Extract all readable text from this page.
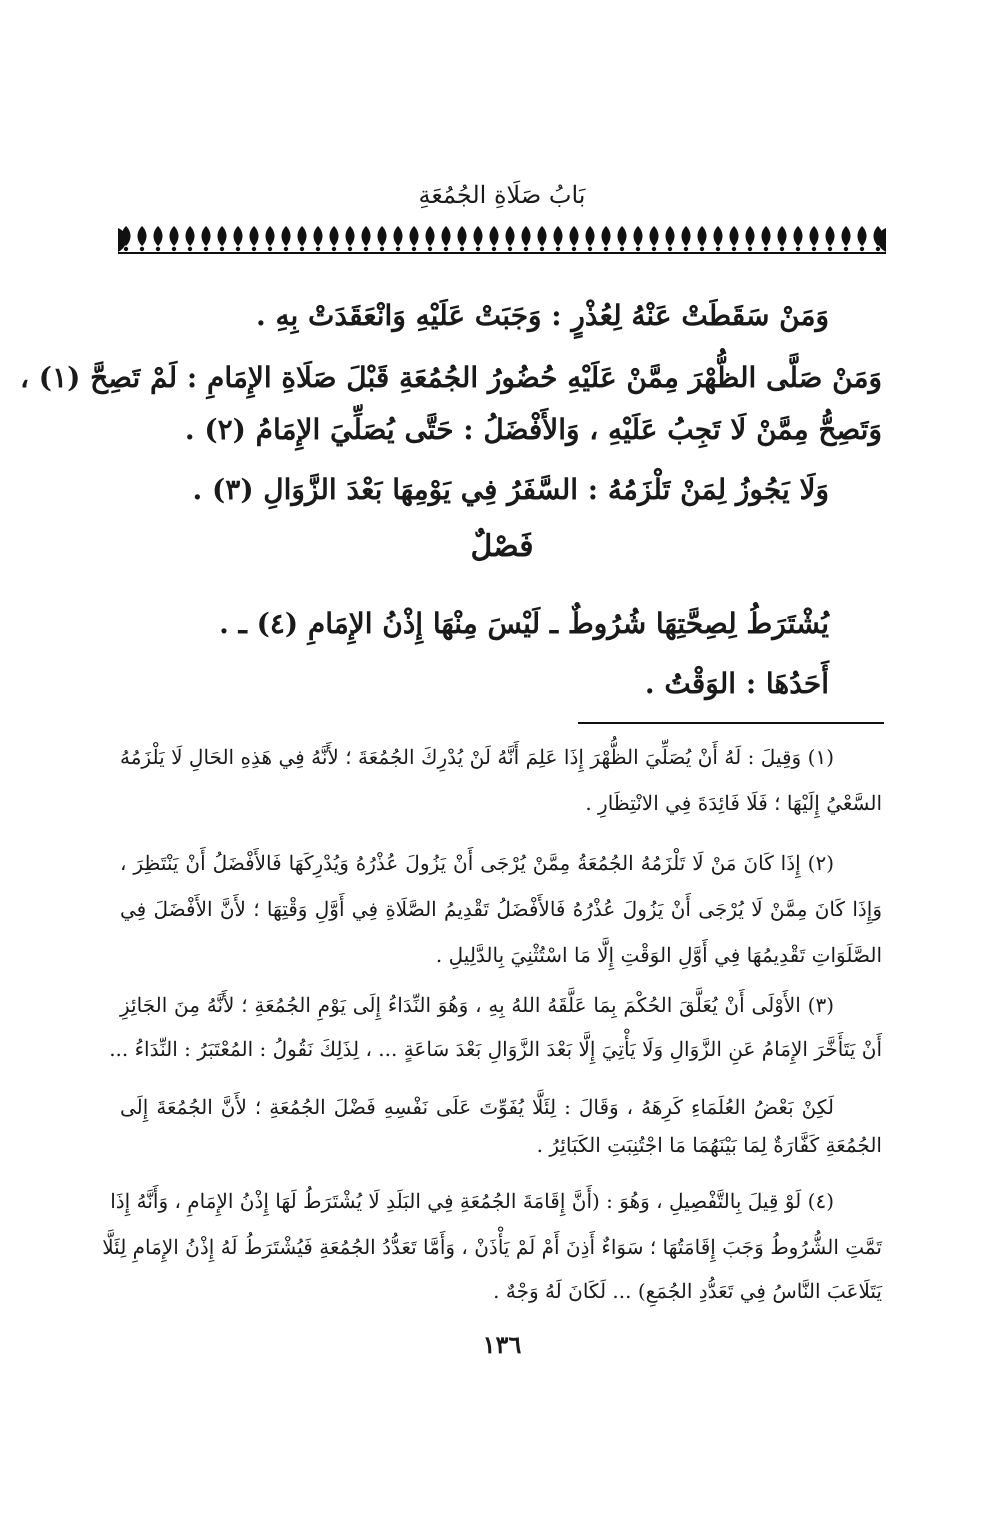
بَابُ صَلَاةِ الجُمُعَةِ
وَمَنْ سَقَطَتْ عَنْهُ لِعُذْرٍ : وَجَبَتْ عَلَيْهِ وَانْعَقَدَتْ بِهِ .
وَمَنْ صَلَّى الظُّهْرَ مِمَّنْ عَلَيْهِ حُضُورُ الجُمُعَةِ قَبْلَ صَلَاةِ الإِمَامِ : لَمْ تَصِحَّ (١) ،
وَتَصِحُّ مِمَّنْ لَا تَجِبُ عَلَيْهِ ، وَالأَفْضَلُ : حَتَّى يُصَلِّيَ الإِمَامُ (٢) .
وَلَا يَجُوزُ لِمَنْ تَلْزَمُهُ : السَّفَرُ فِي يَوْمِهَا بَعْدَ الزَّوَالِ (٣) .
فَصْلٌ
يُشْتَرَطُ لِصِحَّتِهَا شُرُوطٌ ـ لَيْسَ مِنْهَا إِذْنُ الإِمَامِ (٤) ـ .
أَحَدُهَا : الوَقْتُ .
(١) وَقِيلَ : لَهُ أَنْ يُصَلِّيَ الظُّهْرَ إِذَا عَلِمَ أَنَّهُ لَنْ يُدْرِكَ الجُمُعَةَ ؛ لأَنَّهُ فِي هَذِهِ الحَالِ لَا يَلْزَمُهُ
السَّعْيُ إِلَيْهَا ؛ فَلَا فَائِدَةَ فِي الانْتِظَارِ .
(٢) إِذَا كَانَ مَنْ لَا تَلْزَمُهُ الجُمُعَةُ مِمَّنْ يُرْجَى أَنْ يَزُولَ عُذْرُهُ وَيُدْرِكَهَا فَالأَفْضَلُ أَنْ يَنْتَظِرَ ،
وَإِذَا كَانَ مِمَّنْ لَا يُرْجَى أَنْ يَزُولَ عُذْرُهُ فَالأَفْضَلُ تَقْدِيمُ الصَّلَاةِ فِي أَوَّلِ وَقْتِهَا ؛ لأَنَّ الأَفْضَلَ فِي
الصَّلَوَاتِ تَقْدِيمُهَا فِي أَوَّلِ الوَقْتِ إِلَّا مَا اسْتُثْنِيَ بِالدَّلِيلِ .
(٣) الأَوْلَى أَنْ يُعَلَّقَ الحُكْمَ بِمَا عَلَّقَهُ اللهُ بِهِ ، وَهُوَ النِّدَاءُ إِلَى يَوْمِ الجُمُعَةِ ؛ لأَنَّهُ مِنَ الجَائِزِ
أَنْ يَتَأَخَّرَ الإِمَامُ عَنِ الزَّوَالِ وَلَا يَأْتِيَ إِلَّا بَعْدَ الزَّوَالِ بَعْدَ سَاعَةٍ ... ، لِذَلِكَ نَقُولُ : المُعْتَبَرُ : النِّدَاءُ ...
لَكِنْ بَعْضُ العُلَمَاءِ كَرِهَهُ ، وَقَالَ : لِئَلَّا يُفَوِّتَ عَلَى نَفْسِهِ فَضْلَ الجُمُعَةِ ؛ لأَنَّ الجُمُعَةَ إِلَى
الجُمُعَةِ كَفَّارَةٌ لِمَا بَيْنَهُمَا مَا اجْتُنِبَتِ الكَبَائِرُ .
(٤) لَوْ قِيلَ بِالتَّفْصِيلِ ، وَهُوَ : (أَنَّ إِقَامَةَ الجُمُعَةِ فِي البَلَدِ لَا يُشْتَرَطُ لَهَا إِذْنُ الإِمَامِ ، وَأَنَّهُ إِذَا
تَمَّتِ الشُّرُوطُ وَجَبَ إِقَامَتُهَا ؛ سَوَاءٌ أَذِنَ أَمْ لَمْ يَأْذَنْ ، وَأَمَّا تَعَدُّدُ الجُمُعَةِ فَيُشْتَرَطُ لَهُ إِذْنُ الإِمَامِ لِئَلَّا
يَتَلَاعَبَ النَّاسُ فِي تَعَدُّدِ الجُمَعِ) ... لَكَانَ لَهُ وَجْهٌ .
١٣٦
